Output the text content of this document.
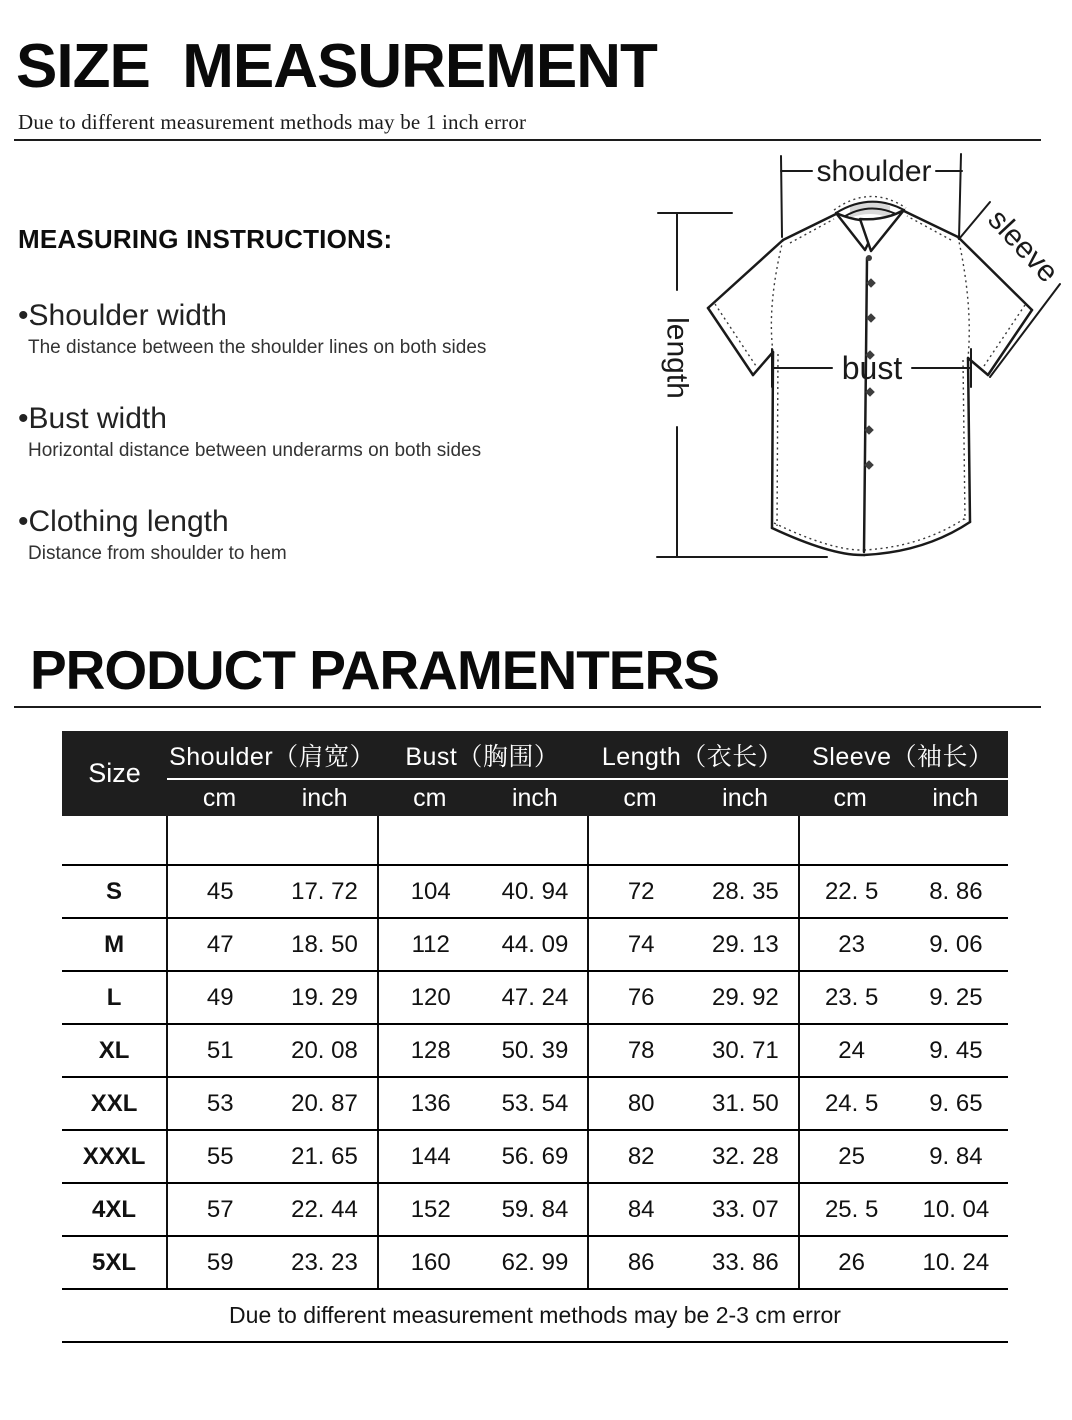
SIZE  MEASUREMENT
Due to different measurement methods may be 1 inch error
MEASURING INSTRUCTIONS:
•Shoulder width
The distance between the shoulder lines on both sides
•Bust width
Horizontal distance between underarms on both sides
•Clothing length
Distance from shoulder to hem
shoulder
length	bust
sleeve
PRODUCT PARAMENTERS
Size
Shoulder（肩宽）	Bust（胸围）	Length（衣长）	Sleeve（袖长）
cm	inch	cm	inch	cm	inch	cm	inch
S	45	17. 72	104	40. 94	72	28. 35	22. 5	8. 86
M	47	18. 50	112	44. 09	74	29. 13	23	9. 06
L	49	19. 29	120	47. 24	76	29. 92	23. 5	9. 25
XL	51	20. 08	128	50. 39	78	30. 71	24	9. 45
XXL	53	20. 87	136	53. 54	80	31. 50	24. 5	9. 65
XXXL	55	21. 65	144	56. 69	82	32. 28	25	9. 84
4XL	57	22. 44	152	59. 84	84	33. 07	25. 5	10. 04
5XL	59	23. 23	160	62. 99	86	33. 86	26	10. 24
Due to different measurement methods may be 2-3 cm error
